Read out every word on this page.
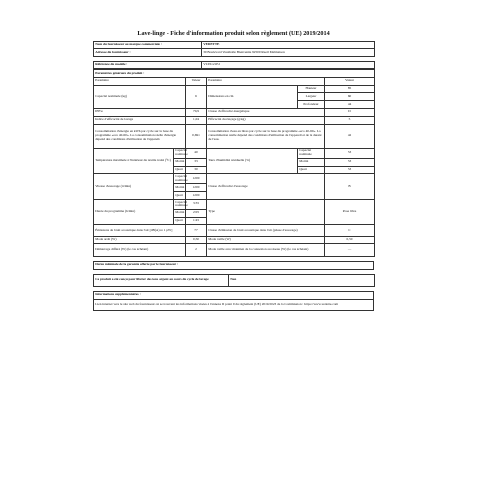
Lave-linge - Fiche d'information produit selon règlement (UE) 2019/2014
Nom du fournisseur ou marque commerciale :	VEDETTE
Adresse du fournisseur :	30 Boulevard Vauxhalle Bienvenüe 92500 Rueil Malmaison
Référence du modèle :	VLT6121E2
Paramètres généraux du produit :					
Paramètre		Valeur	Paramètre		Valeur
Capacité nominale (kg)		6	Dimensions en cm	Hauteur	85
				Largeur	60
				Profondeur	44
IEEw		70,9	Classe d'efficacité énergétique		D
Indice d'efficacité de lavage		1,04	Efficacité du rinçage (g/kg)		5
Consommation d'énergie en kWh par cycle sur la base du programme «eco 40-60». La consommation réelle d'énergie dépend des conditions d'utilisation de l'appareil.		0,691	Consommation d'eau en litres par cycle sur la base du programme «eco 40-60». La consommation réelle dépend des conditions d'utilisation de l'appareil et de la dureté de l'eau.		42
Température maximale à l'intérieur du textile traité (°C)	Capacité nominale	40	Taux d'humidité résiduelle (%)	Capacité nominale	53
	Moitié	33		Moitié	53
	Quart	30		Quart	53
Vitesse d'essorage (tr/min)	Capacité nominale	1200	Classe d'efficacité d'essorage		B
	Moitié	1200			
	Quart	1200			
Durée du programme (h:min)	Capacité nominale	3:35	Type		Pose libre
	Moitié	2:05			
	Quart	1:45			
Émissions de bruit acoustique dans l'air [dB(A) re 1 pW]		77	Classe d'émission de bruit acoustique dans l'air (phase d'essorage)		C
Mode arrêt (W)		0,50	Mode veille (W)		0,50
Démarrage différé (W) (le cas échéant)		2	Mode veille avec maintien de la connexion au réseau (W) (le cas échéant)		—
Durée minimale de la garantie offerte par le fournisseur :
Ce produit a été conçu pour libérer des ions argent au cours du cycle de lavage	Non
Informations supplémentaires :
Lien internet vers le site web du fournisseur où se trouvent les informations visées à l'annexe II point 9 du règlement (UE) 2019/2023 de la Commission : https://www.vedette.com
